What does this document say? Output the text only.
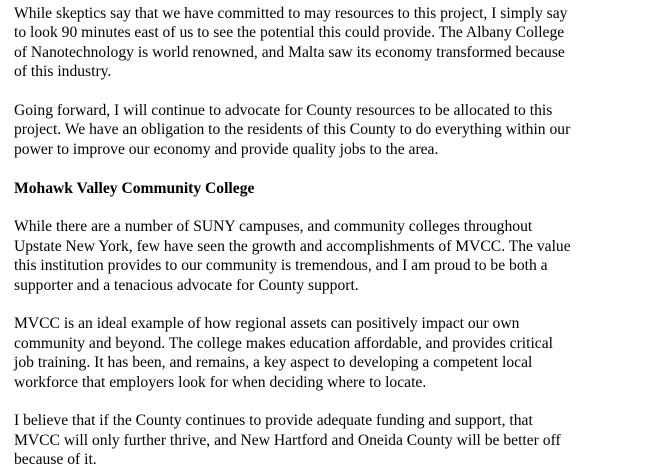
While skeptics say that we have committed to may resources to this project, I simply say
to look 90 minutes east of us to see the potential this could provide. The Albany College
of Nanotechnology is world renowned, and Malta saw its economy transformed because
of this industry.

Going forward, I will continue to advocate for County resources to be allocated to this
project. We have an obligation to the residents of this County to do everything within our
power to improve our economy and provide quality jobs to the area.

Mohawk Valley Community College

While there are a number of SUNY campuses, and community colleges throughout
Upstate New York, few have seen the growth and accomplishments of MVCC. The value
this institution provides to our community is tremendous, and I am proud to be both a
supporter and a tenacious advocate for County support.

MVCC is an ideal example of how regional assets can positively impact our own
community and beyond. The college makes education affordable, and provides critical
job training. It has been, and remains, a key aspect to developing a competent local
workforce that employers look for when deciding where to locate.

I believe that if the County continues to provide adequate funding and support, that
MVCC will only further thrive, and New Hartford and Oneida County will be better off
because of it.
